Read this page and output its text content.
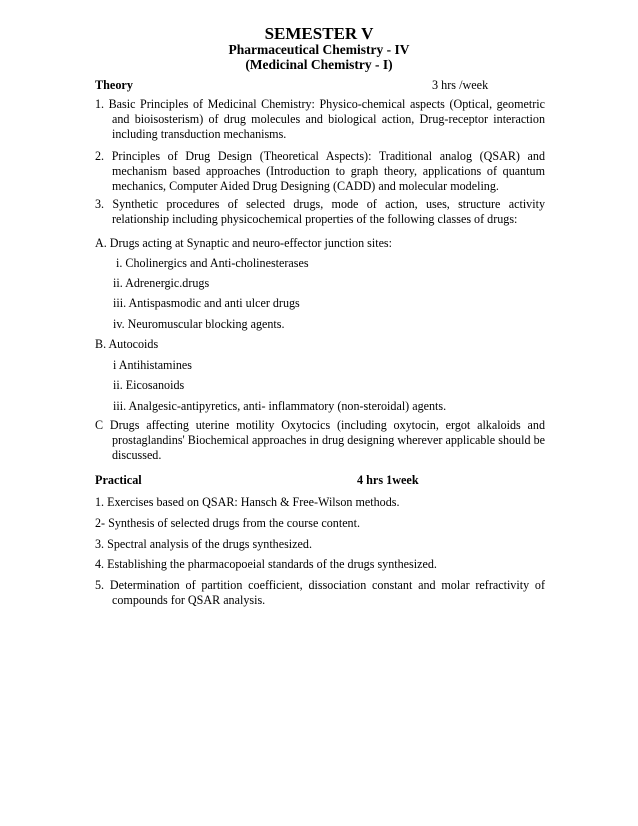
SEMESTER V
Pharmaceutical Chemistry - IV
(Medicinal Chemistry - I)
Theory	3 hrs /week
1. Basic Principles of Medicinal Chemistry: Physico-chemical aspects (Optical, geometric and bioisosterism) of drug molecules and biological action, Drug-receptor interaction including transduction mechanisms.
2. Principles of Drug Design (Theoretical Aspects): Traditional analog (QSAR) and mechanism based approaches (Introduction to graph theory, applications of quantum mechanics, Computer Aided Drug Designing (CADD) and molecular modeling.
3. Synthetic procedures of selected drugs, mode of action, uses, structure activity relationship including physicochemical properties of the following classes of drugs:
A. Drugs acting at Synaptic and neuro-effector junction sites:
i. Cholinergics and Anti-cholinesterases
ii. Adrenergic.drugs
iii. Antispasmodic and anti ulcer drugs
iv. Neuromuscular blocking agents.
B. Autocoids
i Antihistamines
ii. Eicosanoids
iii. Analgesic-antipyretics, anti- inflammatory (non-steroidal) agents.
C Drugs affecting uterine motility Oxytocics (including oxytocin, ergot alkaloids and prostaglandins' Biochemical approaches in drug designing wherever applicable should be discussed.
Practical	4 hrs 1week
1. Exercises based on QSAR: Hansch & Free-Wilson methods.
2- Synthesis of selected drugs from the course content.
3. Spectral analysis of the drugs synthesized.
4. Establishing the pharmacopoeial standards of the drugs synthesized.
5. Determination of partition coefficient, dissociation constant and molar refractivity of compounds for QSAR analysis.
